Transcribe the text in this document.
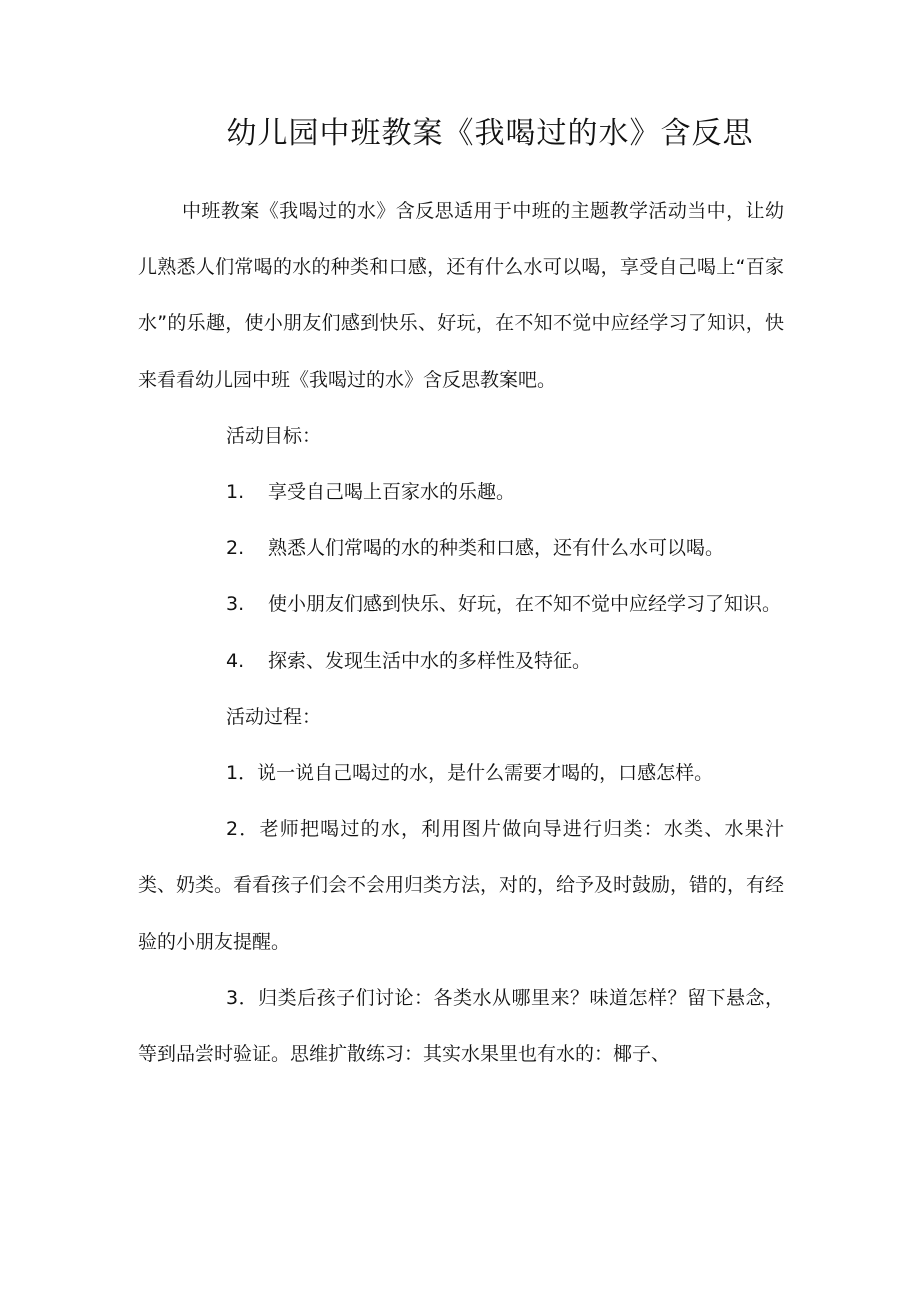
幼儿园中班教案《我喝过的水》含反思

中班教案《我喝过的水》含反思适用于中班的主题教学活动当中，让幼儿熟悉人们常喝的水的种类和口感，还有什么水可以喝，享受自己喝上“百家水”的乐趣，使小朋友们感到快乐、好玩，在不知不觉中应经学习了知识，快来看看幼儿园中班《我喝过的水》含反思教案吧。

活动目标：

1. 享受自己喝上百家水的乐趣。

2. 熟悉人们常喝的水的种类和口感，还有什么水可以喝。

3. 使小朋友们感到快乐、好玩，在不知不觉中应经学习了知识。

4. 探索、发现生活中水的多样性及特征。

活动过程：

1．说一说自己喝过的水，是什么需要才喝的，口感怎样。

2．老师把喝过的水，利用图片做向导进行归类：水类、水果汁类、奶类。看看孩子们会不会用归类方法，对的，给予及时鼓励，错的，有经验的小朋友提醒。

3．归类后孩子们讨论：各类水从哪里来？味道怎样？留下悬念，等到品尝时验证。思维扩散练习：其实水果里也有水的：椰子、
